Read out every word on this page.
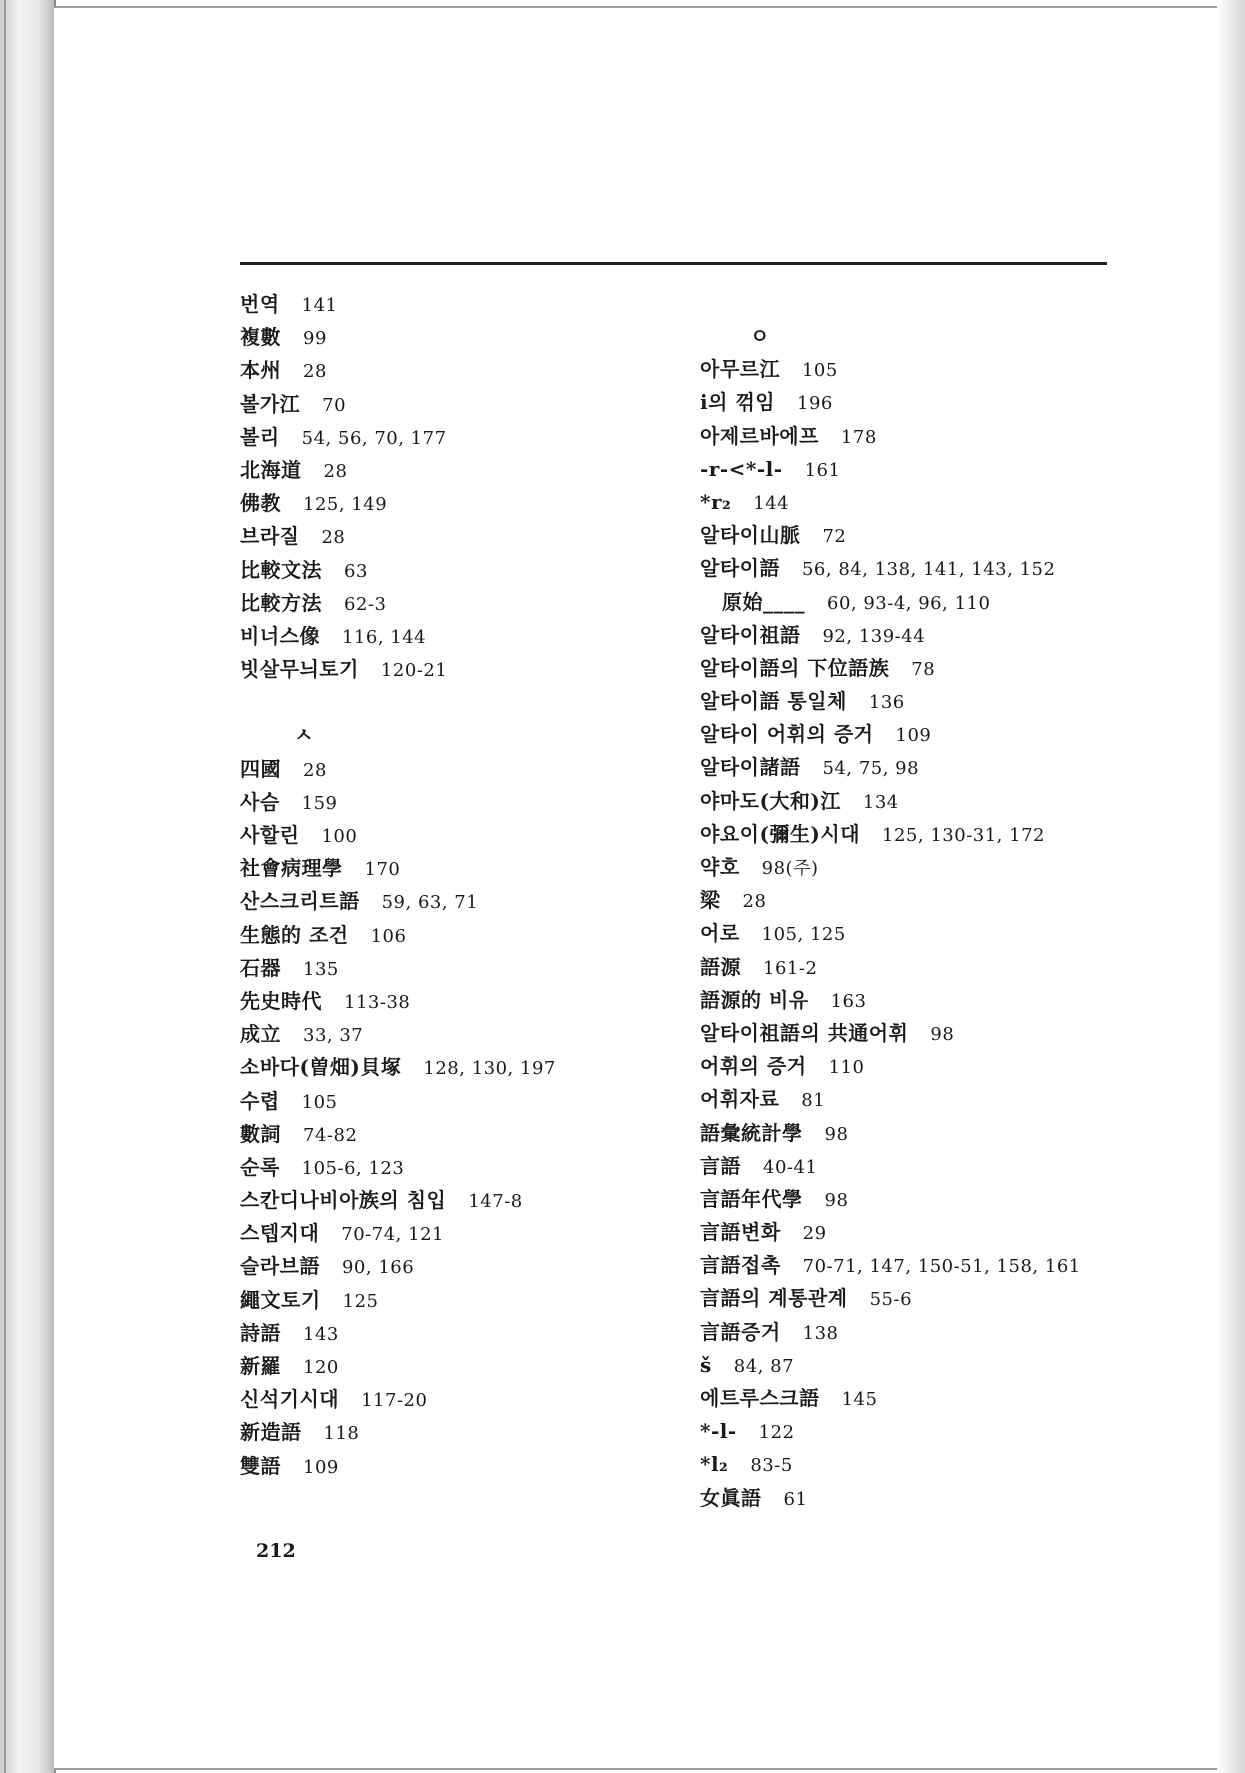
번역 141
複數 99
本州 28
볼가江 70
볼리 54, 56, 70, 177
北海道 28
佛教 125, 149
브라질 28
比較文法 63
比較方法 62-3
비너스像 116, 144
빗살무늬토기 120-21
ㅅ
四國 28
사슴 159
사할린 100
社會病理學 170
산스크리트語 59, 63, 71
生態的 조건 106
石器 135
先史時代 113-38
成立 33, 37
소바다(曽畑)貝塚 128, 130, 197
수렵 105
數詞 74-82
순록 105-6, 123
스칸디나비아族의 침입 147-8
스텝지대 70-74, 121
슬라브語 90, 166
繩文토기 125
詩語 143
新羅 120
신석기시대 117-20
新造語 118
雙語 109
ㅇ
아무르江 105
i의 꺾임 196
아제르바에프 178
-r-<*-l- 161
*r₂ 144
알타이山脈 72
알타이語 56, 84, 138, 141, 143, 152
原始____ 60, 93-4, 96, 110
알타이祖語 92, 139-44
알타이語의 下位語族 78
알타이語 통일체 136
알타이 어휘의 증거 109
알타이諸語 54, 75, 98
야마도(大和)江 134
야요이(彌生)시대 125, 130-31, 172
약호 98(주)
梁 28
어로 105, 125
語源 161-2
語源的 비유 163
알타이祖語의 共通어휘 98
어휘의 증거 110
어휘자료 81
語彙統計學 98
言語 40-41
言語年代學 98
言語변화 29
言語접촉 70-71, 147, 150-51, 158, 161
言語의 계통관계 55-6
言語증거 138
š 84, 87
에트루스크語 145
*-l- 122
*l₂ 83-5
女眞語 61
212
